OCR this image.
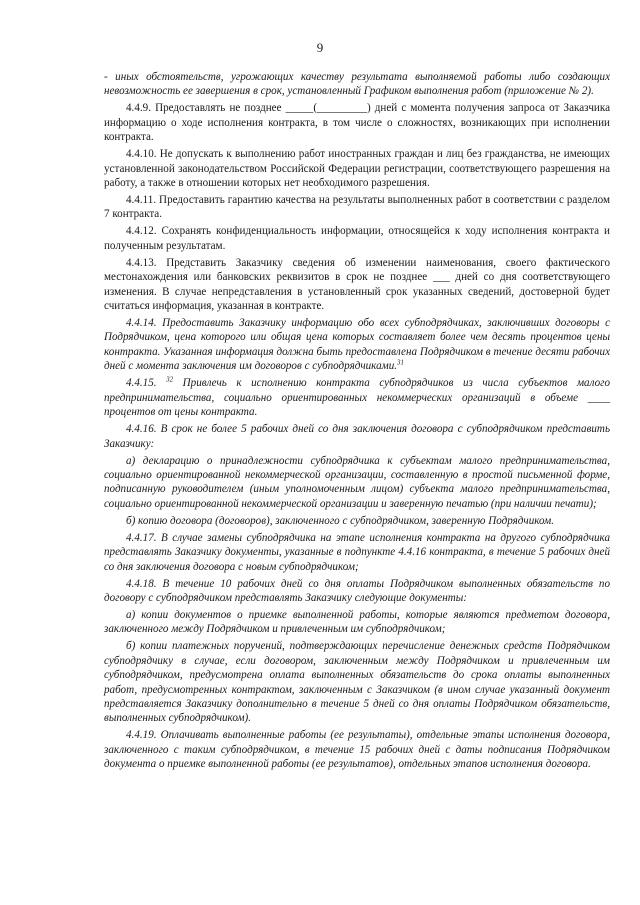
9

- иных обстоятельств, угрожающих качеству результата выполняемой работы либо создающих невозможность ее завершения в срок, установленный Графиком выполнения работ (приложение № 2).

4.4.9. Предоставлять не позднее _____(_________) дней с момента получения запроса от Заказчика информацию о ходе исполнения контракта, в том числе о сложностях, возникающих при исполнении контракта.

4.4.10. Не допускать к выполнению работ иностранных граждан и лиц без гражданства, не имеющих установленной законодательством Российской Федерации регистрации, соответствующего разрешения на работу, а также в отношении которых нет необходимого разрешения.

4.4.11. Предоставить гарантию качества на результаты выполненных работ в соответствии с разделом 7 контракта.

4.4.12. Сохранять конфиденциальность информации, относящейся к ходу исполнения контракта и полученным результатам.

4.4.13. Представить Заказчику сведения об изменении наименования, своего фактического местонахождения или банковских реквизитов в срок не позднее ___ дней со дня соответствующего изменения. В случае непредставления в установленный срок указанных сведений, достоверной будет считаться информация, указанная в контракте.

4.4.14. Предоставить Заказчику информацию обо всех субподрядчиках, заключивших договоры с Подрядчиком, цена которого или общая цена которых составляет более чем десять процентов цены контракта. Указанная информация должна быть предоставлена Подрядчиком в течение десяти рабочих дней с момента заключения им договоров с субподрядчиками.$^{31}$

4.4.15. $^{32}$ Привлечь к исполнению контракта субподрядчиков из числа субъектов малого предпринимательства, социально ориентированных некоммерческих организаций в объеме ____ процентов от цены контракта.

4.4.16. В срок не более 5 рабочих дней со дня заключения договора с субподрядчиком представить Заказчику:

а) декларацию о принадлежности субподрядчика к субъектам малого предпринимательства, социально ориентированной некоммерческой организации, составленную в простой письменной форме, подписанную руководителем (иным уполномоченным лицом) субъекта малого предпринимательства, социально ориентированной некоммерческой организации и заверенную печатью (при наличии печати);

б) копию договора (договоров), заключенного с субподрядчиком, заверенную Подрядчиком.

4.4.17. В случае замены субподрядчика на этапе исполнения контракта на другого субподрядчика представлять Заказчику документы, указанные в подпункте 4.4.16 контракта, в течение 5 рабочих дней со дня заключения договора с новым субподрядчиком;

4.4.18. В течение 10 рабочих дней со дня оплаты Подрядчиком выполненных обязательств по договору с субподрядчиком представлять Заказчику следующие документы:

а) копии документов о приемке выполненной работы, которые являются предметом договора, заключенного между Подрядчиком и привлеченным им субподрядчиком;

б) копии платежных поручений, подтверждающих перечисление денежных средств Подрядчиком субподрядчику в случае, если договором, заключенным между Подрядчиком и привлеченным им субподрядчиком, предусмотрена оплата выполненных обязательств до срока оплаты выполненных работ, предусмотренных контрактом, заключенным с Заказчиком (в ином случае указанный документ представляется Заказчику дополнительно в течение 5 дней со дня оплаты Подрядчиком обязательств, выполненных субподрядчиком).

4.4.19. Оплачивать выполненные работы (ее результаты), отдельные этапы исполнения договора, заключенного с таким субподрядчиком, в течение 15 рабочих дней с даты подписания Подрядчиком документа о приемке выполненной работы (ее результатов), отдельных этапов исполнения договора.
